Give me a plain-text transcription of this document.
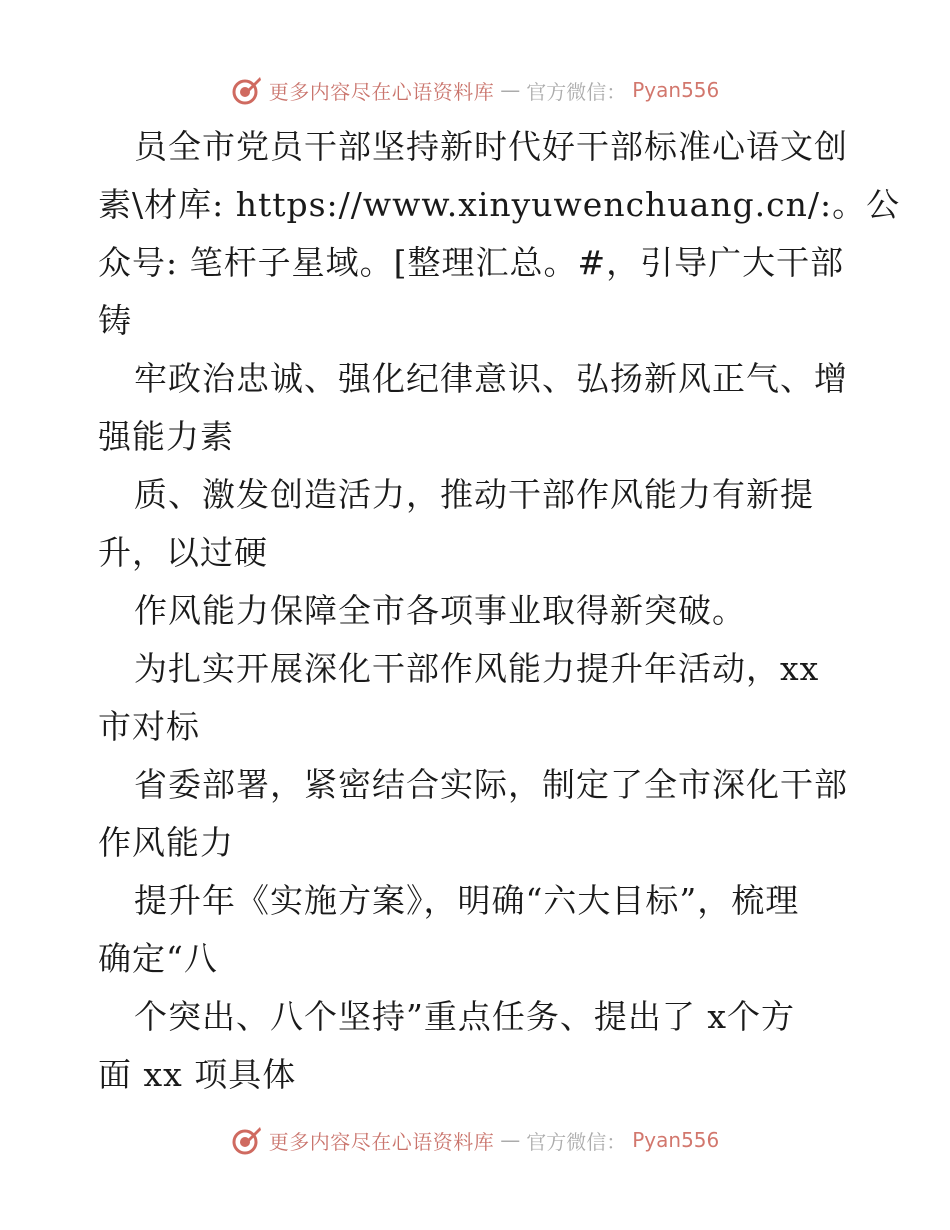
更多内容尽在心语资料库 — 官方微信： Pyan556
员全市党员干部坚持新时代好干部标准心语文创
素\材库: https://www.xinyuwenchuang.cn/:。公
众号: 笔杆子星域。[整理汇总。#，引导广大干部
铸
牢政治忠诚、强化纪律意识、弘扬新风正气、增
强能力素
质、激发创造活力，推动干部作风能力有新提
升，以过硬
作风能力保障全市各项事业取得新突破。
为扎实开展深化干部作风能力提升年活动，xx
市对标
省委部署，紧密结合实际，制定了全市深化干部
作风能力
提升年《实施方案》，明确“六大目标”，梳理
确定“八
个突出、八个坚持”重点任务、提出了 x个方
面 xx 项具体
更多内容尽在心语资料库 — 官方微信： Pyan556
